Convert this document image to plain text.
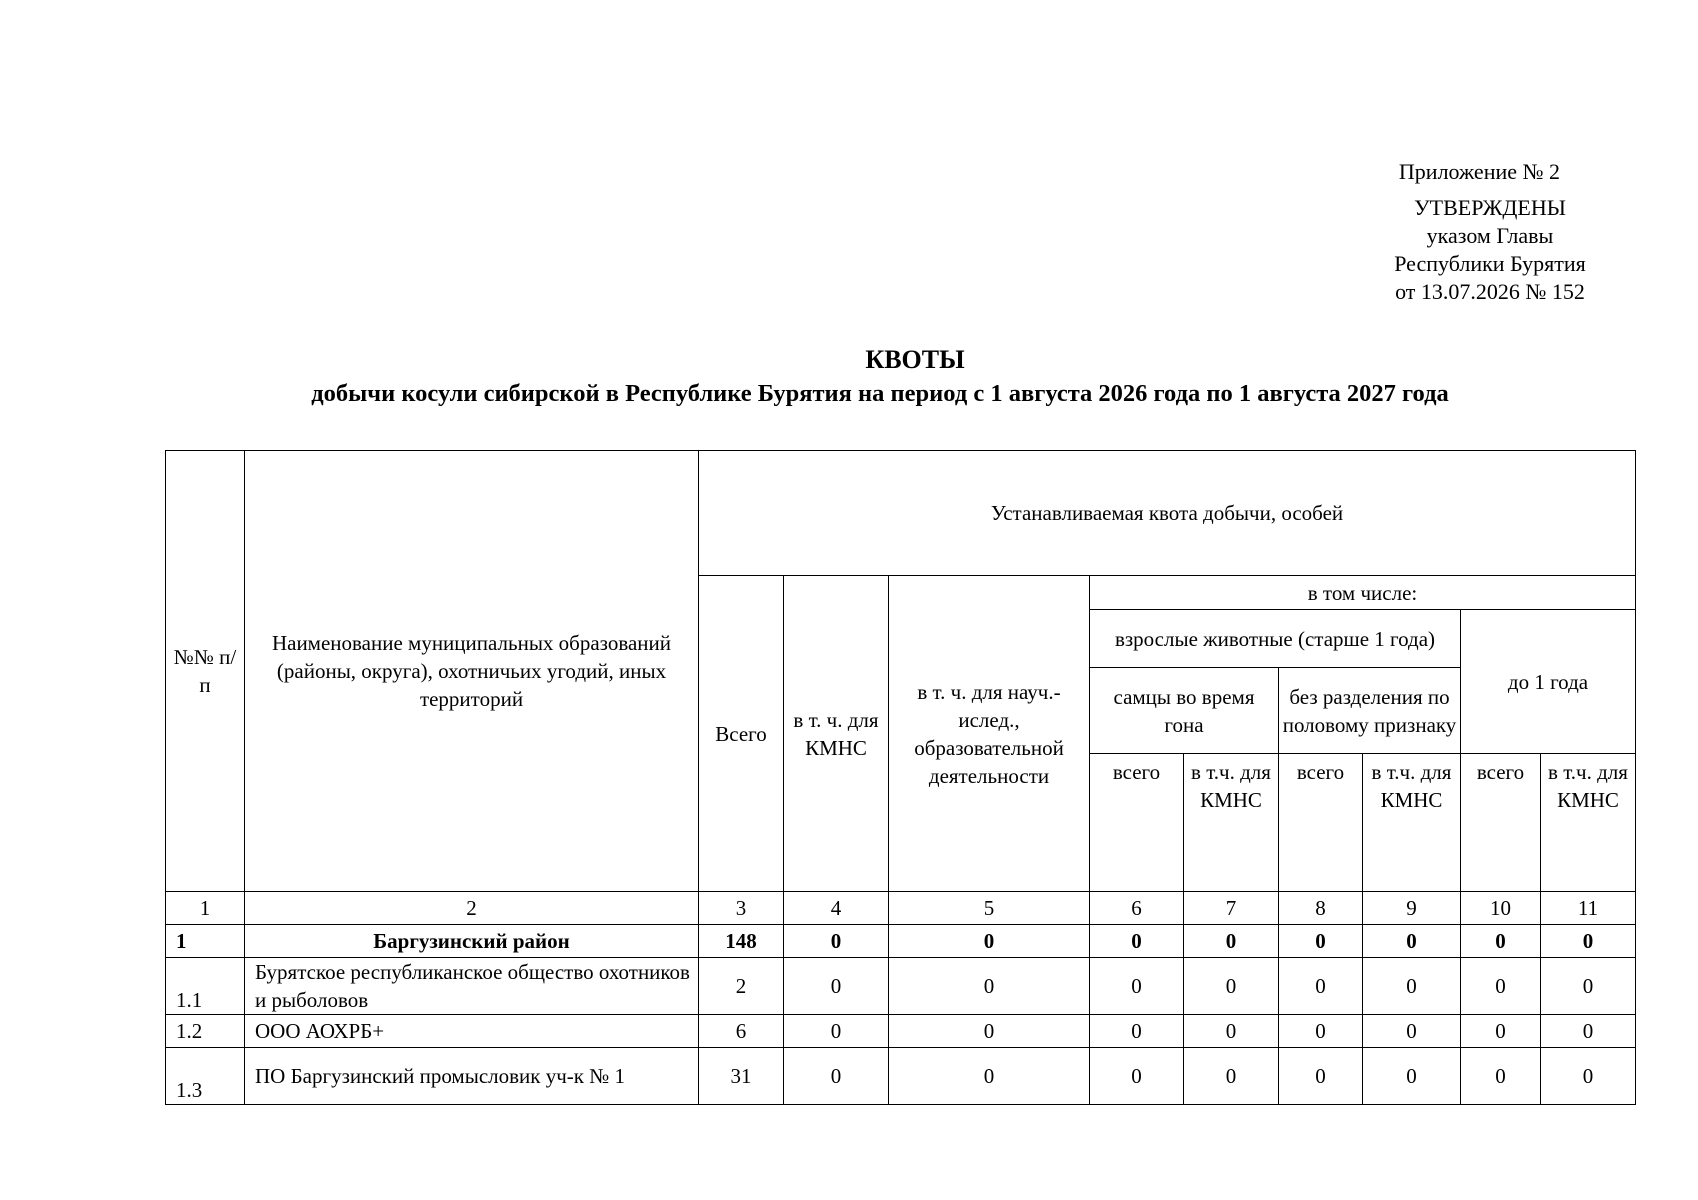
Приложение № 2
УТВЕРЖДЕНЫ
указом Главы
Республики Бурятия
от 13.07.2026 № 152
КВОТЫ
добычи косули сибирской в Республике Бурятия на период с 1 августа 2026 года по 1 августа 2027 года
№№ п/п	Наименование муниципальных образований (районы, округа), охотничьих угодий, иных территорий	Устанавливаемая квота добычи, особей								
		Всего	в т. ч. для КМНС	в т. ч. для науч.-ислед., образовательной деятельности	в том числе:					
					взрослые животные (старше 1 года)				до 1 года	
					самцы во время гона		без разделения по половому признаку			
					всего	в т.ч. для КМНС	всего	в т.ч. для КМНС	всего	в т.ч. для КМНС
1	2	3	4	5	6	7	8	9	10	11
1	Баргузинский район	148	0	0	0	0	0	0	0	0
1.1	Бурятское республиканское общество охотников и рыболовов	2	0	0	0	0	0	0	0	0
1.2	ООО АОХРБ+	6	0	0	0	0	0	0	0	0
1.3	ПО Баргузинский промысловик уч-к № 1	31	0	0	0	0	0	0	0	0
